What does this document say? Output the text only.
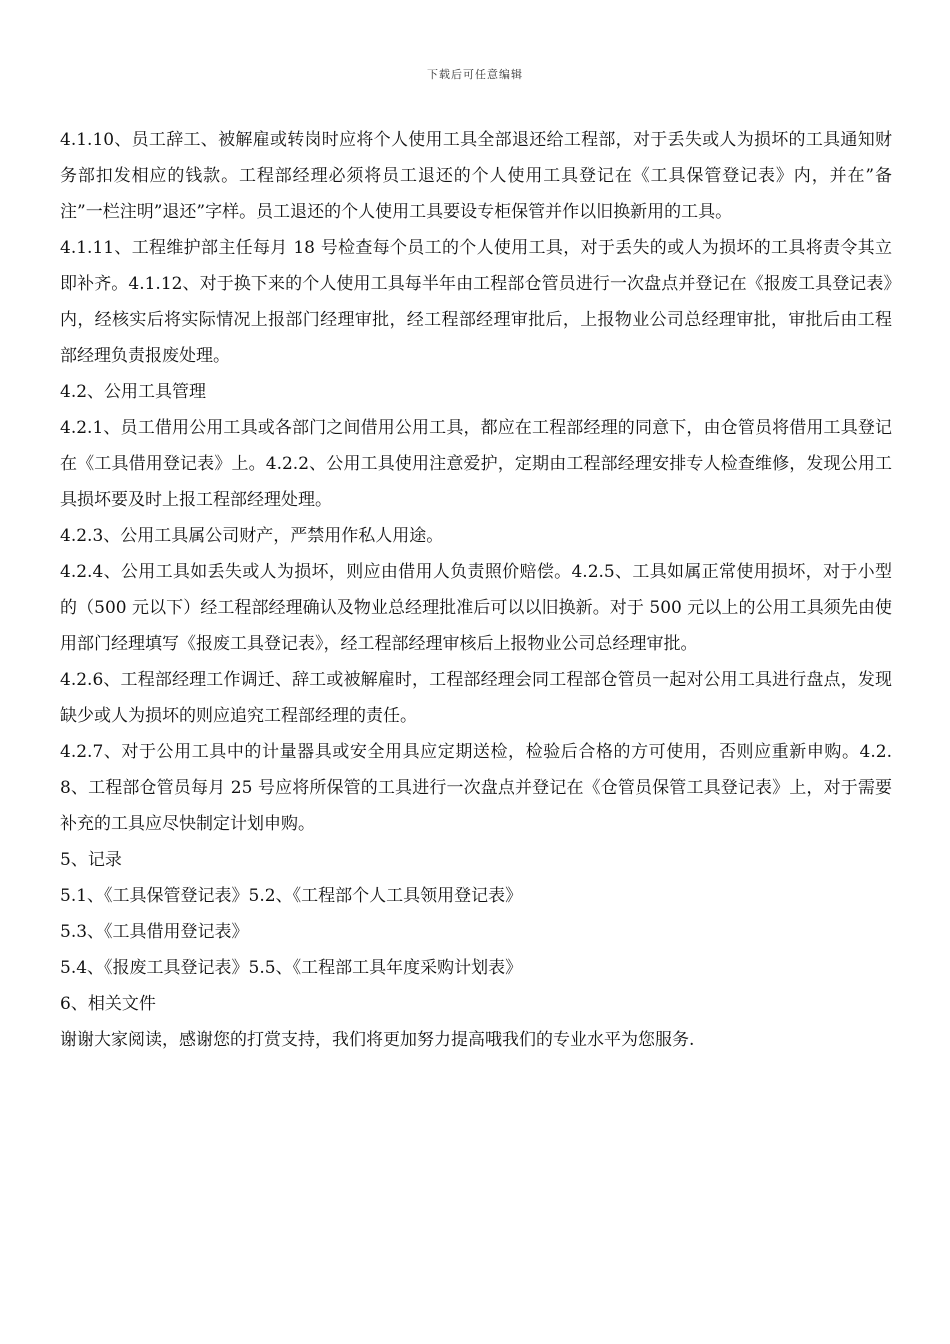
下载后可任意编辑

4.1.10、员工辞工、被解雇或转岗时应将个人使用工具全部退还给工程部，对于丢失或人为损坏的工具通知财务部扣发相应的钱款。工程部经理必须将员工退还的个人使用工具登记在《工具保管登记表》内，并在”备注”一栏注明”退还”字样。员工退还的个人使用工具要设专柜保管并作以旧换新用的工具。

4.1.11、工程维护部主任每月 18 号检查每个员工的个人使用工具，对于丢失的或人为损坏的工具将责令其立即补齐。4.1.12、对于换下来的个人使用工具每半年由工程部仓管员进行一次盘点并登记在《报废工具登记表》内，经核实后将实际情况上报部门经理审批，经工程部经理审批后，上报物业公司总经理审批，审批后由工程部经理负责报废处理。

4.2、公用工具管理

4.2.1、员工借用公用工具或各部门之间借用公用工具，都应在工程部经理的同意下，由仓管员将借用工具登记在《工具借用登记表》上。4.2.2、公用工具使用注意爱护，定期由工程部经理安排专人检查维修，发现公用工具损坏要及时上报工程部经理处理。

4.2.3、公用工具属公司财产，严禁用作私人用途。

4.2.4、公用工具如丢失或人为损坏，则应由借用人负责照价赔偿。4.2.5、工具如属正常使用损坏，对于小型的（500 元以下）经工程部经理确认及物业总经理批准后可以以旧换新。对于 500 元以上的公用工具须先由使用部门经理填写《报废工具登记表》，经工程部经理审核后上报物业公司总经理审批。

4.2.6、工程部经理工作调迁、辞工或被解雇时，工程部经理会同工程部仓管员一起对公用工具进行盘点，发现缺少或人为损坏的则应追究工程部经理的责任。

4.2.7、对于公用工具中的计量器具或安全用具应定期送检，检验后合格的方可使用，否则应重新申购。4.2.8、工程部仓管员每月 25 号应将所保管的工具进行一次盘点并登记在《仓管员保管工具登记表》上，对于需要补充的工具应尽快制定计划申购。

5、记录

5.1、《工具保管登记表》5.2、《工程部个人工具领用登记表》

5.3、《工具借用登记表》

5.4、《报废工具登记表》5.5、《工程部工具年度采购计划表》

6、相关文件

谢谢大家阅读，感谢您的打赏支持，我们将更加努力提高哦我们的专业水平为您服务.
